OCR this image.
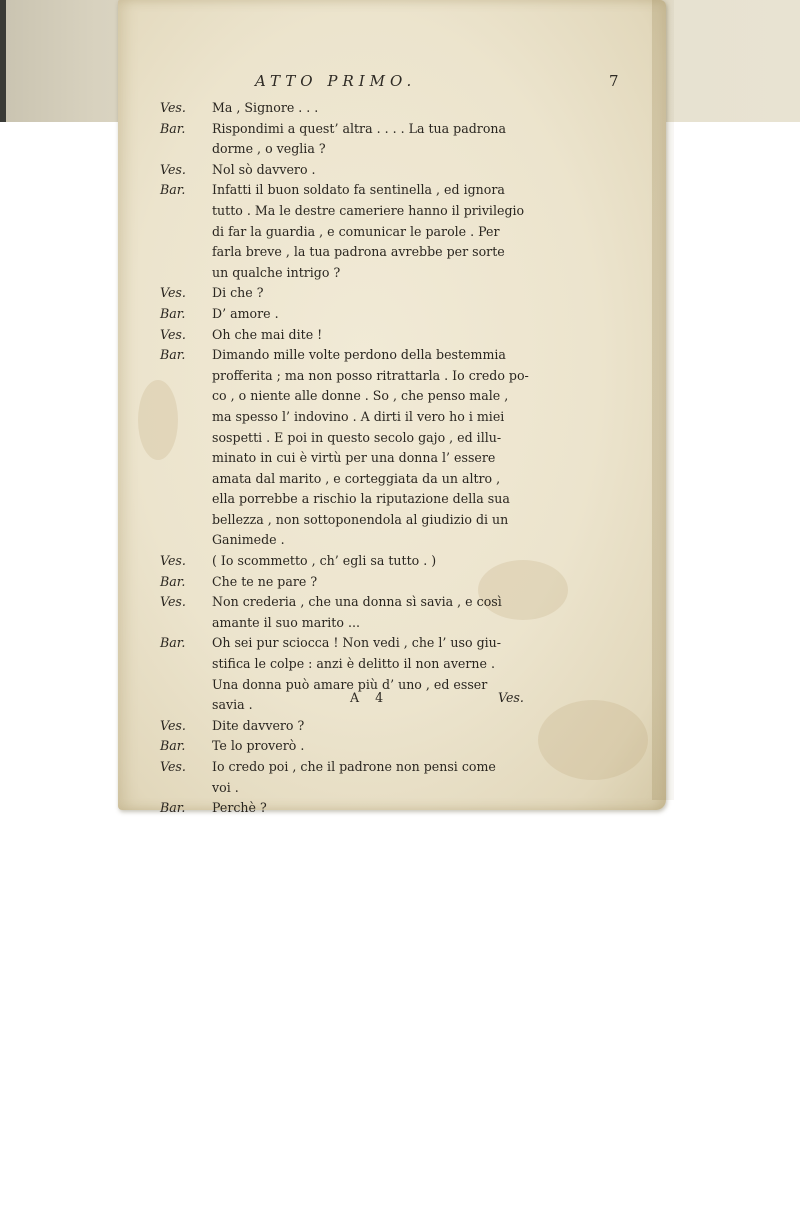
ATTO PRIMO.	7
Ves. Ma , Signore . . .
Bar. Rispondimi a quest’ altra . . . . La tua padrona
dorme , o veglia ?
Ves. Nol sò davvero .
Bar. Infatti il buon soldato fa sentinella , ed ignora
tutto . Ma le destre cameriere hanno il privilegio
di far la guardia , e comunicar le parole . Per
farla breve , la tua padrona avrebbe per sorte
un qualche intrigo ?
Ves. Di che ?
Bar. D’ amore .
Ves. Oh che mai dite !
Bar. Dimando mille volte perdono della bestemmia
profferita ; ma non posso ritrattarla . Io credo po-
co , o niente alle donne . So , che penso male ,
ma spesso l’ indovino . A dirti il vero ho i miei
sospetti . E poi in questo secolo gajo , ed illu-
minato in cui è virtù per una donna l’ essere
amata dal marito , e corteggiata da un altro ,
ella porrebbe a rischio la riputazione della sua
bellezza , non sottoponendola al giudizio di un
Ganimede .
Ves. ( Io scommetto , ch’ egli sa tutto . )
Bar. Che te ne pare ?
Ves. Non crederia , che una donna sì savia , e così
amante il suo marito ...
Bar. Oh sei pur sciocca ! Non vedi , che l’ uso giu-
stifica le colpe : anzi è delitto il non averne .
Una donna può amare più d’ uno , ed esser
savia .
Ves. Dite davvero ?
Bar. Te lo proverò .
Ves. Io credo poi , che il padrone non pensi come
voi .
Bar. Perchè ?
A 4	Ves.
